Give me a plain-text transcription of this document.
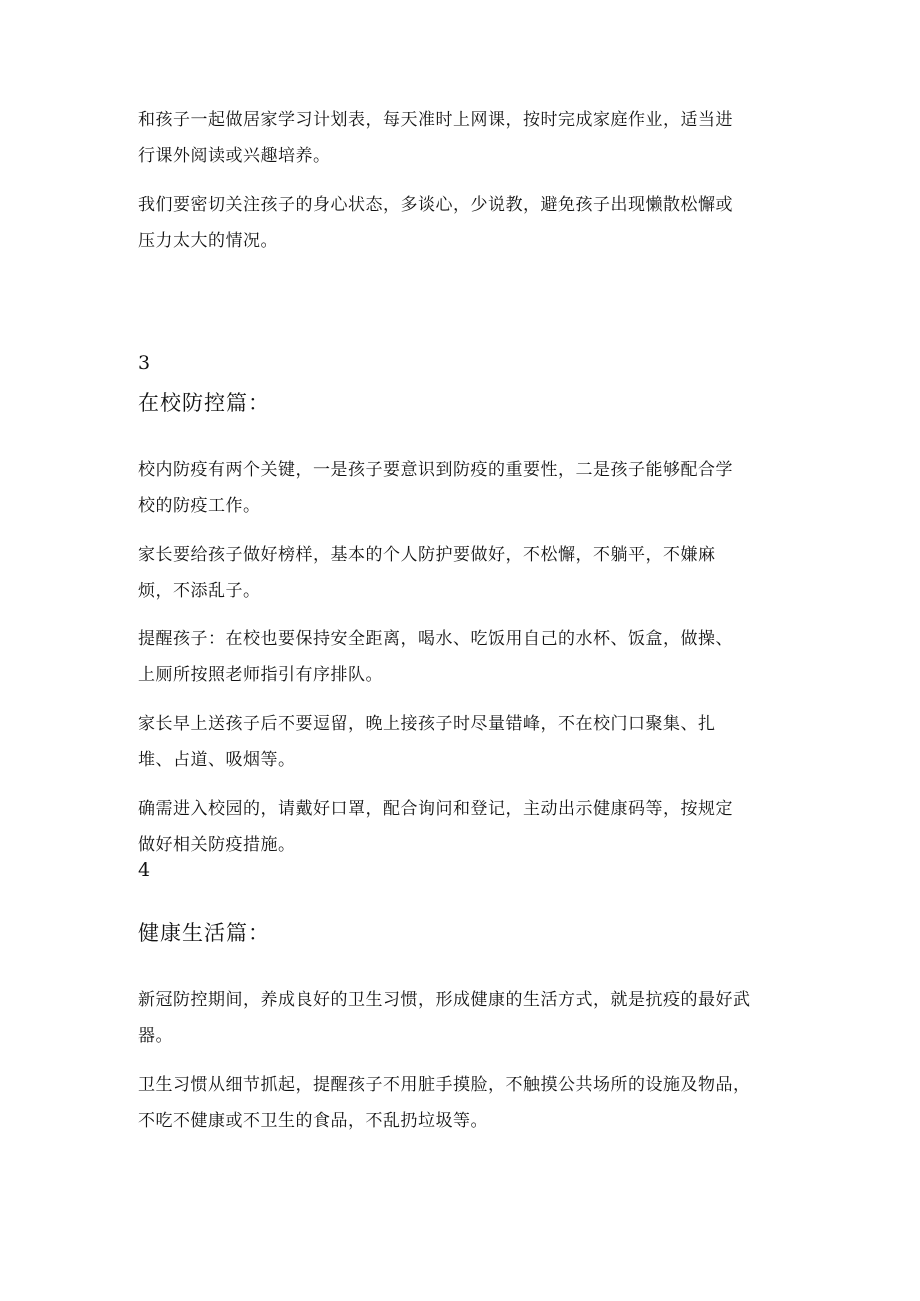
和孩子一起做居家学习计划表，每天准时上网课，按时完成家庭作业，适当进
行课外阅读或兴趣培养。

我们要密切关注孩子的身心状态，多谈心，少说教，避免孩子出现懒散松懈或
压力太大的情况。

3
在校防控篇：

校内防疫有两个关键，一是孩子要意识到防疫的重要性，二是孩子能够配合学
校的防疫工作。

家长要给孩子做好榜样，基本的个人防护要做好，不松懈，不躺平，不嫌麻
烦，不添乱子。

提醒孩子：在校也要保持安全距离，喝水、吃饭用自己的水杯、饭盒，做操、
上厕所按照老师指引有序排队。

家长早上送孩子后不要逗留，晚上接孩子时尽量错峰，不在校门口聚集、扎
堆、占道、吸烟等。

确需进入校园的，请戴好口罩，配合询问和登记，主动出示健康码等，按规定
做好相关防疫措施。

4
健康生活篇：

新冠防控期间，养成良好的卫生习惯，形成健康的生活方式，就是抗疫的最好武
器。

卫生习惯从细节抓起，提醒孩子不用脏手摸脸，不触摸公共场所的设施及物品，
不吃不健康或不卫生的食品，不乱扔垃圾等。
